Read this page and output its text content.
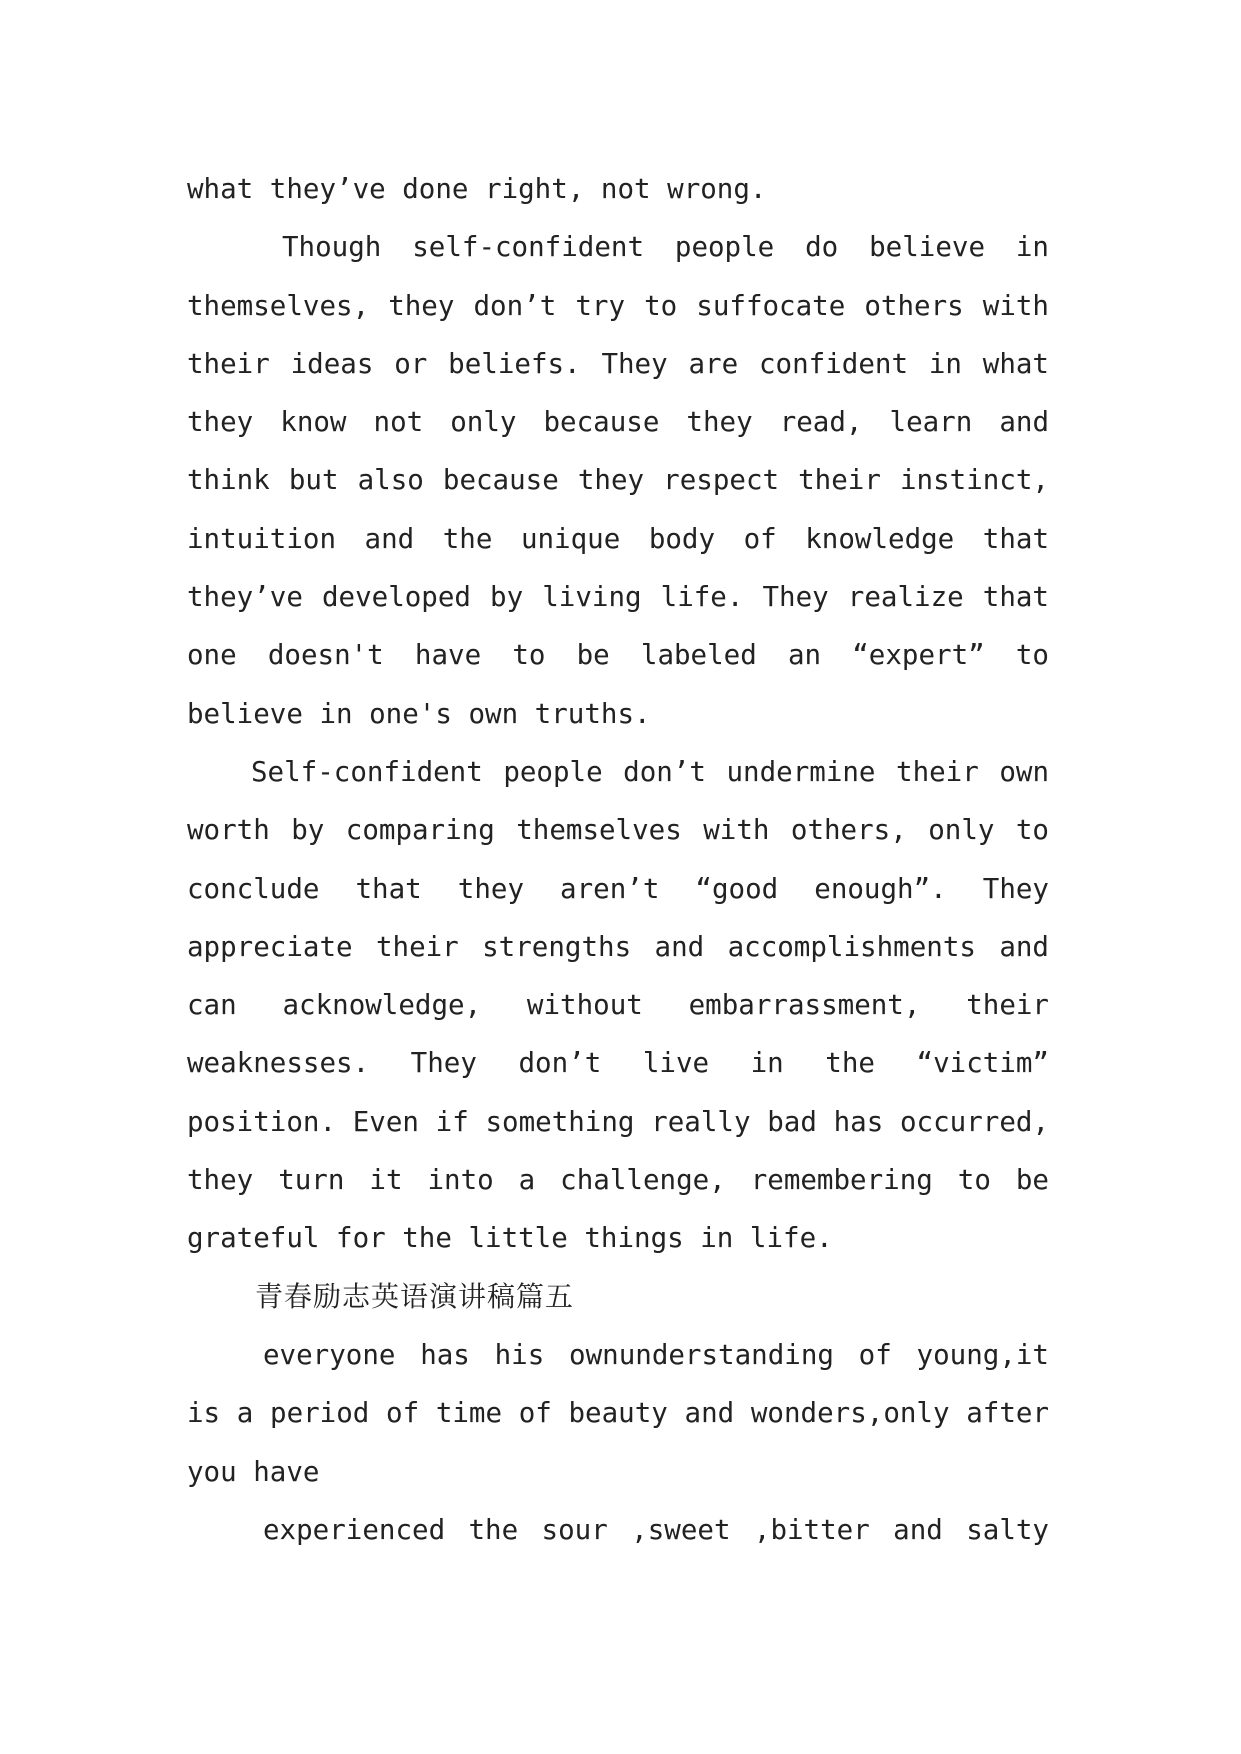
what they’ve done right, not wrong.

Though self-confident people do believe in themselves, they don’t try to suffocate others with their ideas or beliefs. They are confident in what they know not only because they read, learn and think but also because they respect their instinct, intuition and the unique body of knowledge that they’ve developed by living life. They realize that one doesn't have to be labeled an “expert” to believe in one's own truths.

Self-confident people don’t undermine their own worth by comparing themselves with others, only to conclude that they aren’t “good enough”. They appreciate their strengths and accomplishments and can acknowledge, without embarrassment, their weaknesses. They don’t live in the “victim” position. Even if something really bad has occurred, they turn it into a challenge, remembering to be grateful for the little things in life.

青春励志英语演讲稿篇五

everyone has his ownunderstanding of young,it is a period of time of beauty and wonders,only after you have

experienced the sour ,sweet ,bitter and salty
